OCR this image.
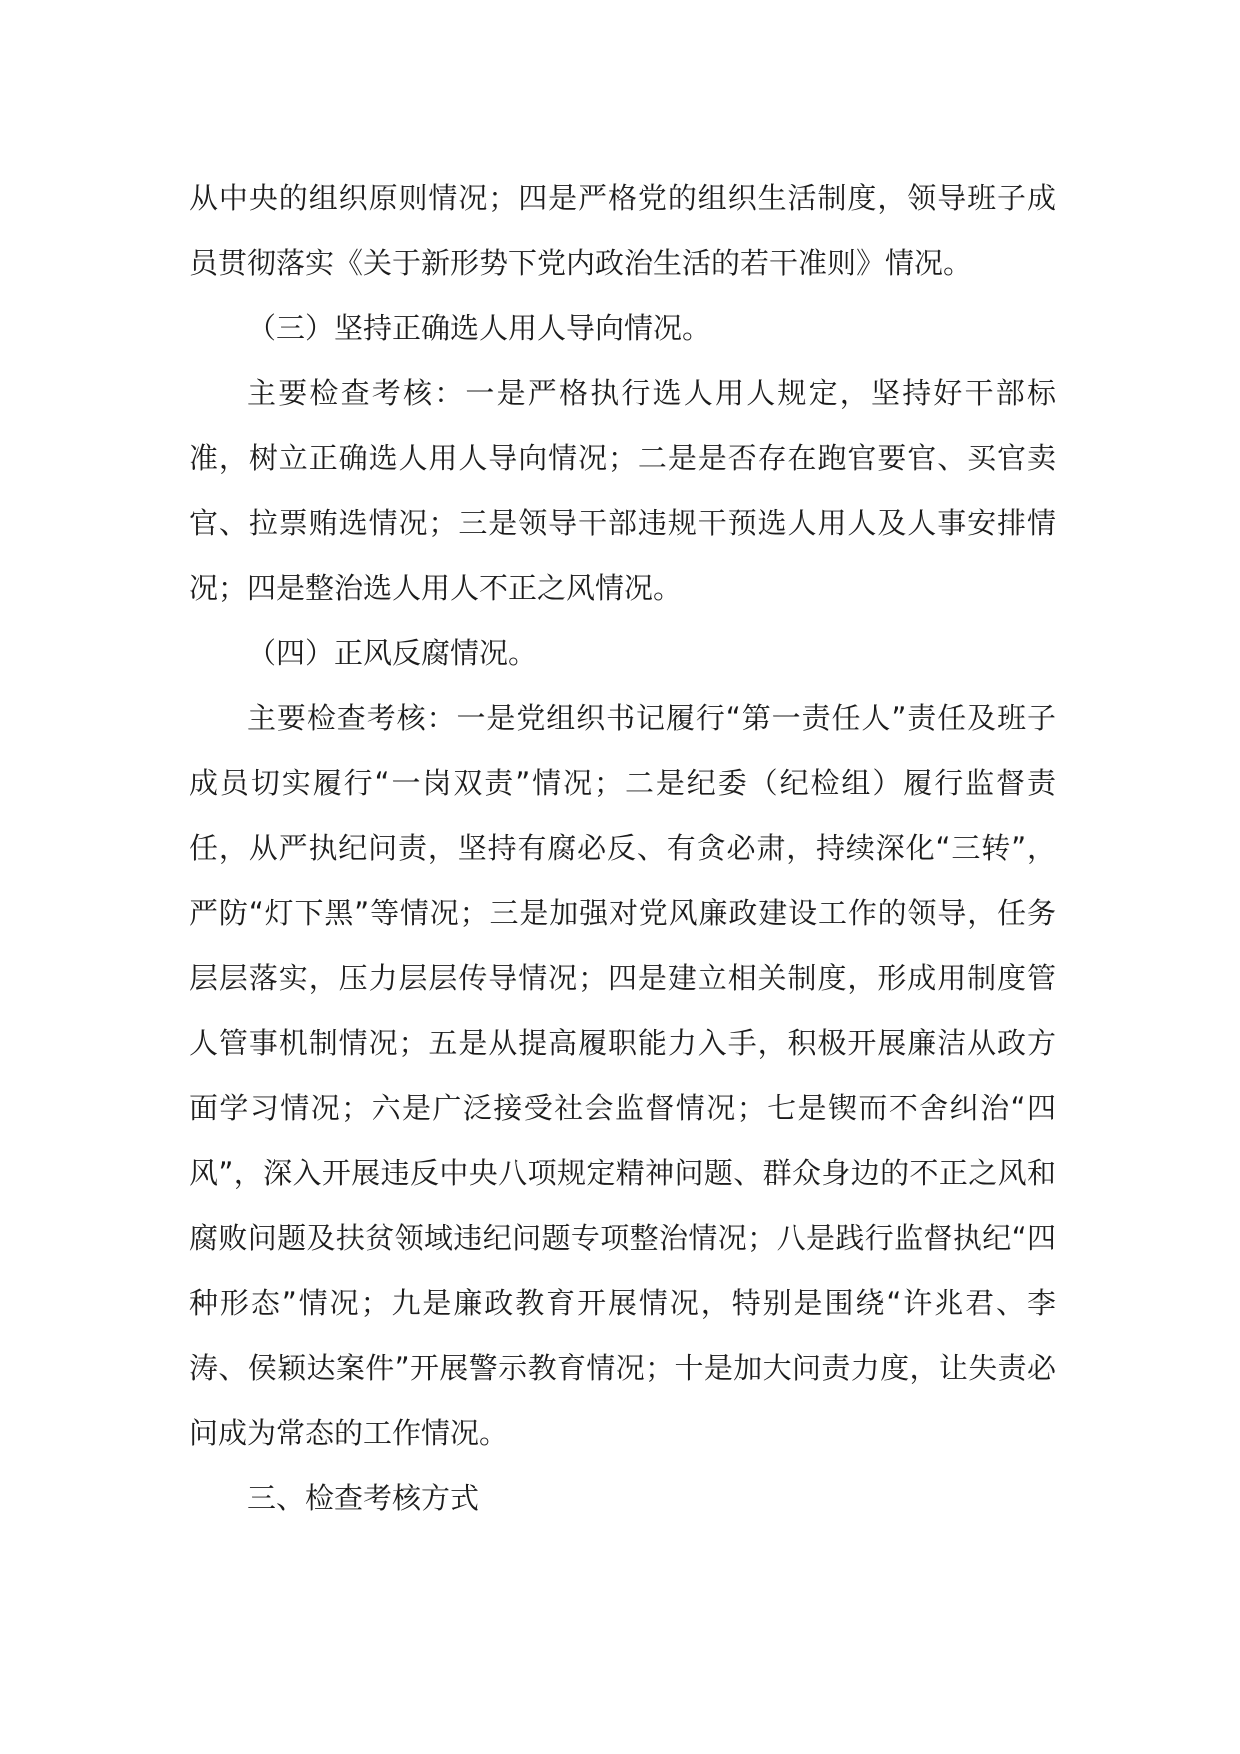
从中央的组织原则情况；四是严格党的组织生活制度，领导班子成员贯彻落实《关于新形势下党内政治生活的若干准则》情况。

（三）坚持正确选人用人导向情况。

主要检查考核：一是严格执行选人用人规定，坚持好干部标准，树立正确选人用人导向情况；二是是否存在跑官要官、买官卖官、拉票贿选情况；三是领导干部违规干预选人用人及人事安排情况；四是整治选人用人不正之风情况。

（四）正风反腐情况。

主要检查考核：一是党组织书记履行“第一责任人”责任及班子成员切实履行“一岗双责”情况；二是纪委（纪检组）履行监督责任，从严执纪问责，坚持有腐必反、有贪必肃，持续深化“三转”，严防“灯下黑”等情况；三是加强对党风廉政建设工作的领导，任务层层落实，压力层层传导情况；四是建立相关制度，形成用制度管人管事机制情况；五是从提高履职能力入手，积极开展廉洁从政方面学习情况；六是广泛接受社会监督情况；七是锲而不舍纠治“四风”，深入开展违反中央八项规定精神问题、群众身边的不正之风和腐败问题及扶贫领域违纪问题专项整治情况；八是践行监督执纪“四种形态”情况；九是廉政教育开展情况，特别是围绕“许兆君、李涛、侯颖达案件”开展警示教育情况；十是加大问责力度，让失责必问成为常态的工作情况。

三、检查考核方式
